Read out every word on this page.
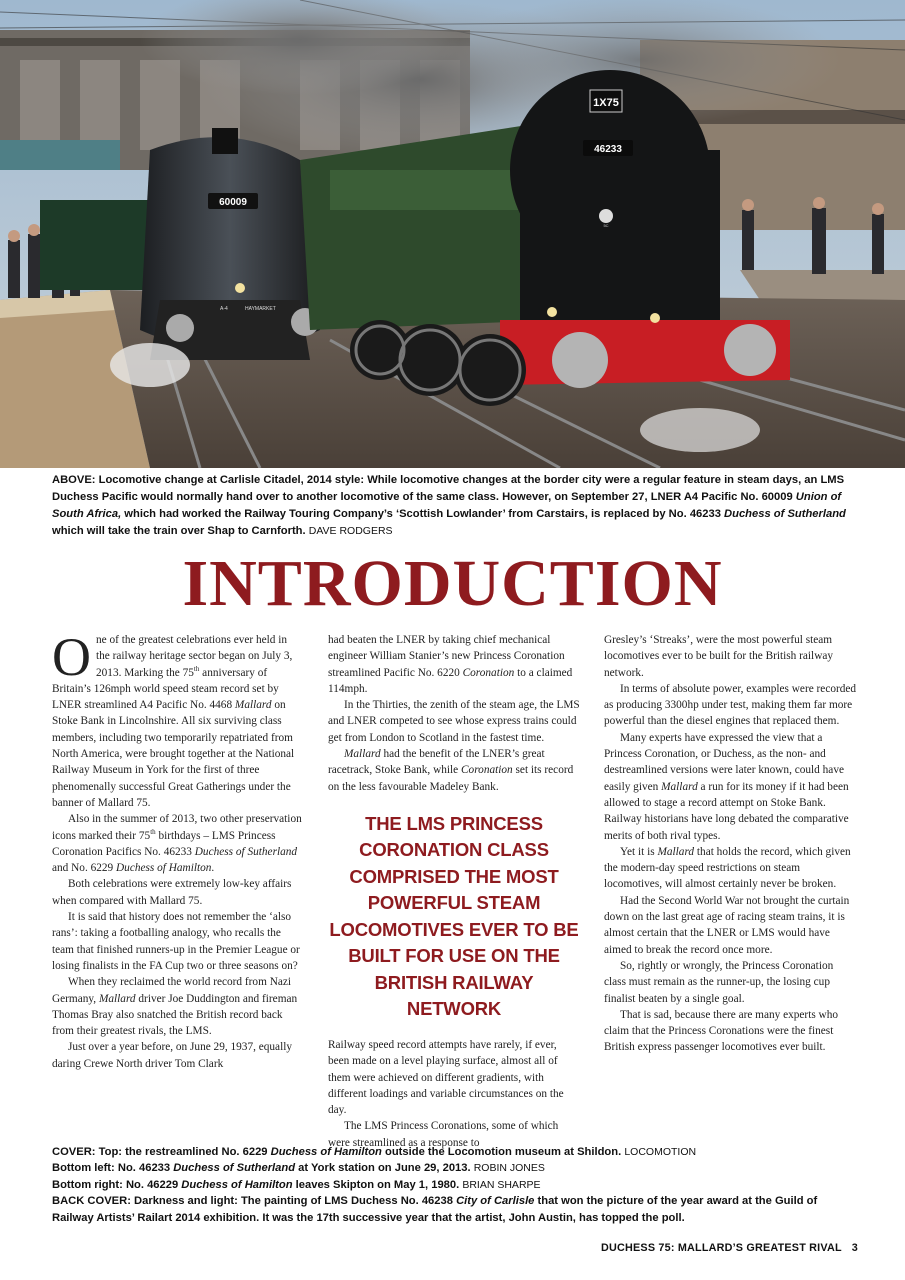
60009
A-4	HAYMARKET
1X75
46233
5C
ABOVE: Locomotive change at Carlisle Citadel, 2014 style: While locomotive changes at the border city were a regular feature in steam days, an LMS Duchess Pacific would normally hand over to another locomotive of the same class. However, on September 27, LNER A4 Pacific No. 60009 Union of South Africa, which had worked the Railway Touring Company’s ‘Scottish Lowlander’ from Carstairs, is replaced by No. 46233 Duchess of Sutherland which will take the train over Shap to Carnforth. DAVE RODGERS
INTRODUCTION

One of the greatest celebrations ever held in the railway heritage sector began on July 3, 2013. Marking the 75th anniversary of Britain’s 126mph world speed steam record set by LNER streamlined A4 Pacific No. 4468 Mallard on Stoke Bank in Lincolnshire. All six surviving class members, including two temporarily repatriated from North America, were brought together at the National Railway Museum in York for the first of three phenomenally successful Great Gatherings under the banner of Mallard 75.

Also in the summer of 2013, two other preservation icons marked their 75th birthdays – LMS Princess Coronation Pacifics No. 46233 Duchess of Sutherland and No. 6229 Duchess of Hamilton.

Both celebrations were extremely low-key affairs when compared with Mallard 75.

It is said that history does not remember the ‘also rans’: taking a footballing analogy, who recalls the team that finished runners-up in the Premier League or losing finalists in the FA Cup two or three seasons on?

When they reclaimed the world record from Nazi Germany, Mallard driver Joe Duddington and fireman Thomas Bray also snatched the British record back from their greatest rivals, the LMS.

Just over a year before, on June 29, 1937, equally daring Crewe North driver Tom Clark

had beaten the LNER by taking chief mechanical engineer William Stanier’s new Princess Coronation streamlined Pacific No. 6220 Coronation to a claimed 114mph.

In the Thirties, the zenith of the steam age, the LMS and LNER competed to see whose express trains could get from London to Scotland in the fastest time.

Mallard had the benefit of the LNER’s great racetrack, Stoke Bank, while Coronation set its record on the less favourable Madeley Bank.

THE LMS PRINCESS CORONATION CLASS COMPRISED THE MOST POWERFUL STEAM LOCOMOTIVES EVER TO BE BUILT FOR USE ON THE BRITISH RAILWAY NETWORK

Railway speed record attempts have rarely, if ever, been made on a level playing surface, almost all of them were achieved on different gradients, with different loadings and variable circumstances on the day.

The LMS Princess Coronations, some of which were streamlined as a response to

Gresley’s ‘Streaks’, were the most powerful steam locomotives ever to be built for the British railway network.

In terms of absolute power, examples were recorded as producing 3300hp under test, making them far more powerful than the diesel engines that replaced them.

Many experts have expressed the view that a Princess Coronation, or Duchess, as the non- and destreamlined versions were later known, could have easily given Mallard a run for its money if it had been allowed to stage a record attempt on Stoke Bank. Railway historians have long debated the comparative merits of both rival types.

Yet it is Mallard that holds the record, which given the modern-day speed restrictions on steam locomotives, will almost certainly never be broken.

Had the Second World War not brought the curtain down on the last great age of racing steam trains, it is almost certain that the LNER or LMS would have aimed to break the record once more.

So, rightly or wrongly, the Princess Coronation class must remain as the runner-up, the losing cup finalist beaten by a single goal.

That is sad, because there are many experts who claim that the Princess Coronations were the finest British express passenger locomotives ever built.

COVER: Top: the restreamlined No. 6229 Duchess of Hamilton outside the Locomotion museum at Shildon. LOCOMOTION
Bottom left: No. 46233 Duchess of Sutherland at York station on June 29, 2013. ROBIN JONES
Bottom right: No. 46229 Duchess of Hamilton leaves Skipton on May 1, 1980. BRIAN SHARPE
BACK COVER: Darkness and light: The painting of LMS Duchess No. 46238 City of Carlisle that won the picture of the year award at the Guild of Railway Artists’ Railart 2014 exhibition. It was the 17th successive year that the artist, John Austin, has topped the poll.
DUCHESS 75: MALLARD’S GREATEST RIVAL 3
